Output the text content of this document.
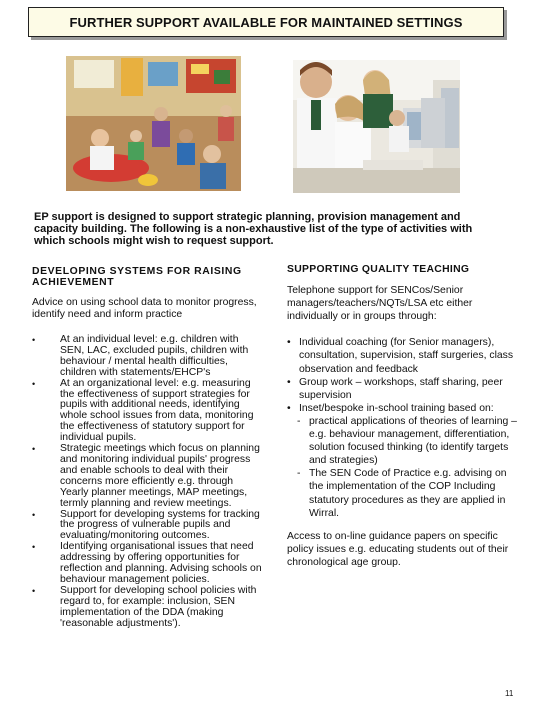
FURTHER SUPPORT AVAILABLE FOR MAINTAINED SETTINGS
EP support is designed to support strategic planning, provision management and capacity building. The following is a non-exhaustive list of the type of activities with which schools might wish to request support.
DEVELOPING SYSTEMS FOR RAISING ACHIEVEMENT
Advice on using school data to monitor progress, identify need and inform practice
• At an individual level: e.g. children with SEN, LAC, excluded pupils, children with behaviour / mental health difficulties, children with statements/EHCP's
• At an organizational level: e.g. measuring the effectiveness of support strategies for pupils with additional needs, identifying whole school issues from data, monitoring the effectiveness of statutory support for individual pupils.
• Strategic meetings which focus on planning and monitoring individual pupils' progress and enable schools to deal with their concerns more efficiently e.g. through Yearly planner meetings, MAP meetings, termly planning and review meetings.
• Support for developing systems for tracking the progress of vulnerable pupils and evaluating/monitoring outcomes.
• Identifying organisational issues that need addressing by offering opportunities for reflection and planning. Advising schools on behaviour management policies.
• Support for developing school policies with regard to, for example: inclusion, SEN implementation of the DDA (making 'reasonable adjustments').
SUPPORTING QUALITY TEACHING
Telephone support for SENCos/Senior managers/teachers/NQTs/LSA etc either individually or in groups through:
• Individual coaching (for Senior managers), consultation, supervision, staff surgeries, class observation and feedback
• Group work – workshops, staff sharing, peer supervision
• Inset/bespoke in-school training based on:
- practical applications of theories of learning – e.g. behaviour management, differentiation, solution focused thinking (to identify targets and strategies)
- The SEN Code of Practice e.g. advising on the implementation of the COP Including statutory procedures as they are applied in Wirral.
Access to on-line guidance papers on specific policy issues e.g. educating students out of their chronological age group.
11
